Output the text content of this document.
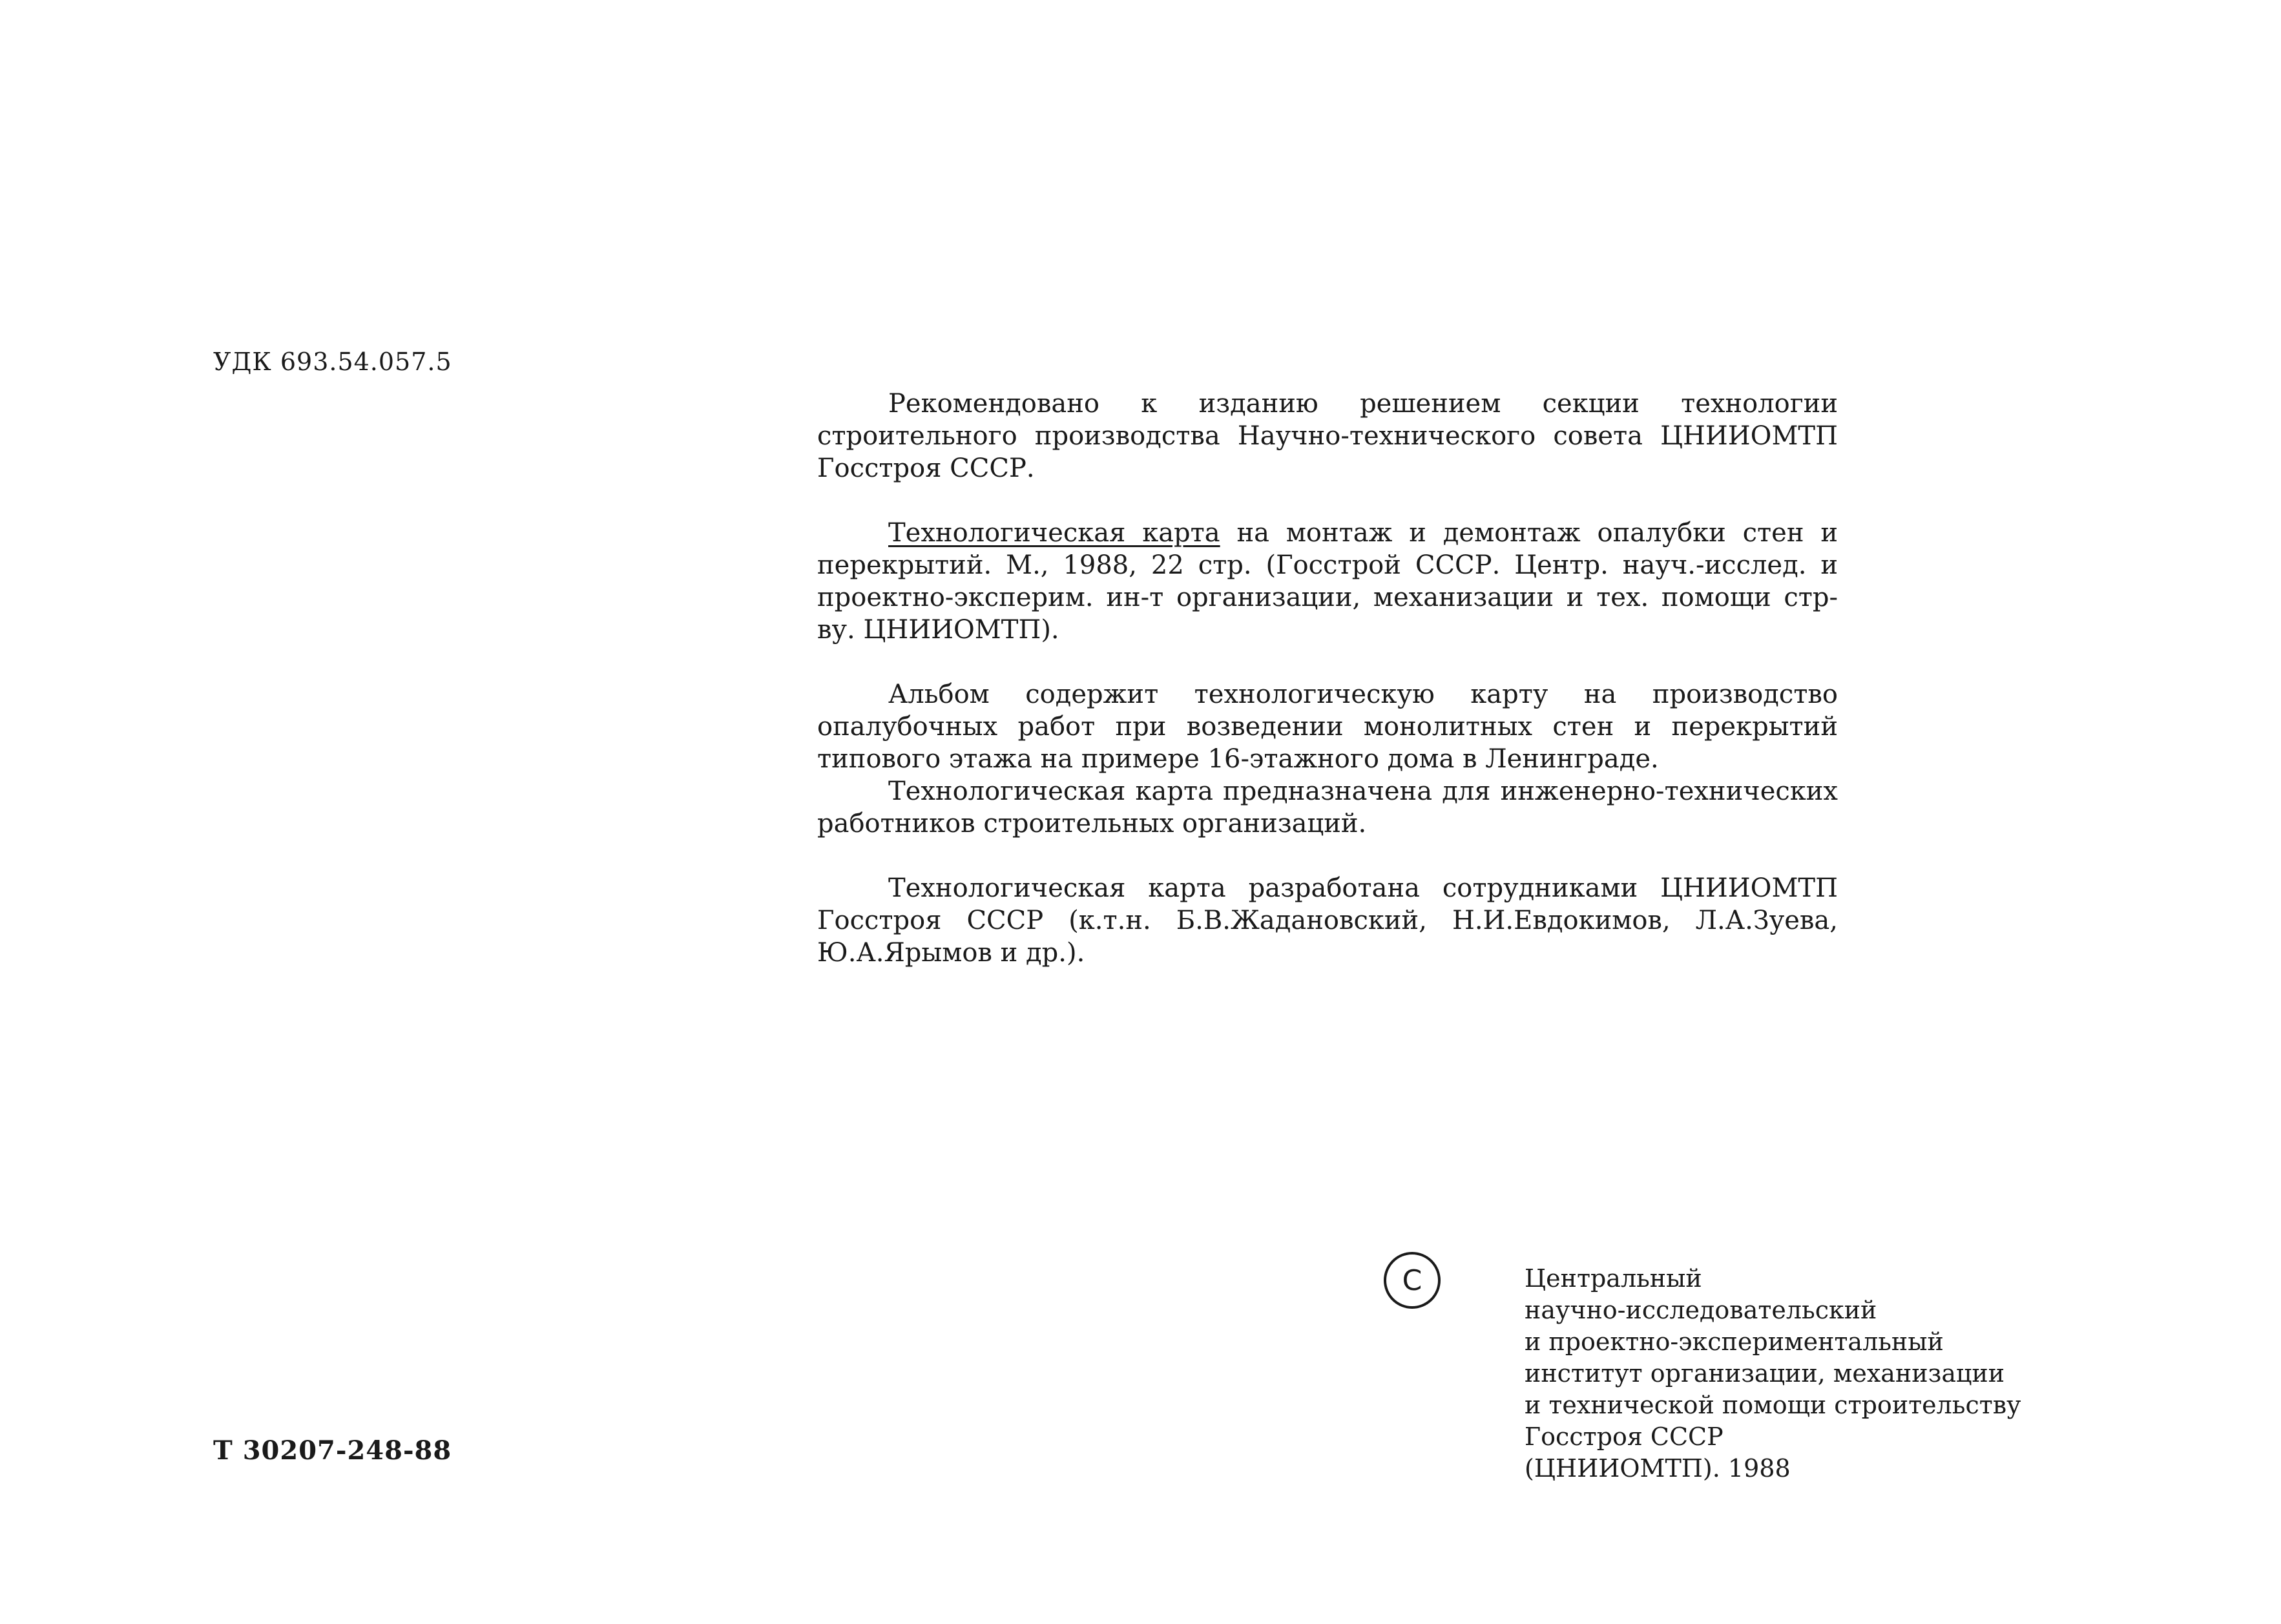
УДК 693.54.057.5

Рекомендовано к изданию решением секции технологии строительного производства Научно-технического совета ЦНИИОМТП Госстроя СССР.

Технологическая карта на монтаж и демонтаж опалубки стен и перекрытий. М., 1988, 22 стр. (Госстрой СССР. Центр. науч.-исслед. и проектно-эксперим. ин-т организации, механизации и тех. помощи стр-ву. ЦНИИОМТП).

Альбом содержит технологическую карту на производство опалубочных работ при возведении монолитных стен и перекрытий типового этажа на примере 16-этажного дома в Ленинграде.

Технологическая карта предназначена для инженерно-технических работников строительных организаций.

Технологическая карта разработана сотрудниками ЦНИИОМТП Госстроя СССР (к.т.н. Б.В.Жадановский, Н.И.Евдокимов, Л.А.Зуева, Ю.А.Ярымов и др.).

Т 30207-248-88
С	Центральный
научно-исследовательский
и проектно-экспериментальный
институт организации, механизации
и технической помощи строительству
Госстроя СССР
(ЦНИИОМТП). 1988
